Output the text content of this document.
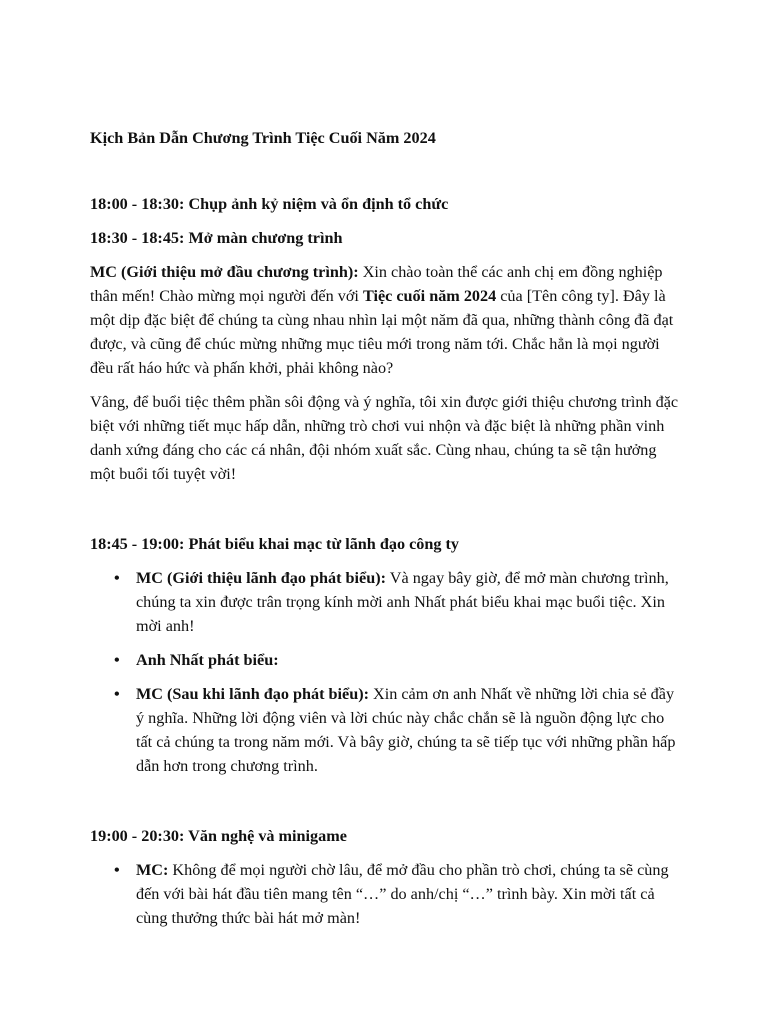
Kịch Bản Dẫn Chương Trình Tiệc Cuối Năm 2024

18:00 - 18:30: Chụp ảnh kỷ niệm và ổn định tổ chức

18:30 - 18:45: Mở màn chương trình

MC (Giới thiệu mở đầu chương trình): Xin chào toàn thể các anh chị em đồng nghiệp thân mến! Chào mừng mọi người đến với Tiệc cuối năm 2024 của [Tên công ty]. Đây là một dịp đặc biệt để chúng ta cùng nhau nhìn lại một năm đã qua, những thành công đã đạt được, và cũng để chúc mừng những mục tiêu mới trong năm tới. Chắc hẳn là mọi người đều rất háo hức và phấn khởi, phải không nào?

Vâng, để buổi tiệc thêm phần sôi động và ý nghĩa, tôi xin được giới thiệu chương trình đặc biệt với những tiết mục hấp dẫn, những trò chơi vui nhộn và đặc biệt là những phần vinh danh xứng đáng cho các cá nhân, đội nhóm xuất sắc. Cùng nhau, chúng ta sẽ tận hưởng một buổi tối tuyệt vời!

18:45 - 19:00: Phát biểu khai mạc từ lãnh đạo công ty

• MC (Giới thiệu lãnh đạo phát biểu): Và ngay bây giờ, để mở màn chương trình, chúng ta xin được trân trọng kính mời anh Nhất phát biểu khai mạc buổi tiệc. Xin mời anh!
• Anh Nhất phát biểu:
• MC (Sau khi lãnh đạo phát biểu): Xin cảm ơn anh Nhất về những lời chia sẻ đầy ý nghĩa. Những lời động viên và lời chúc này chắc chắn sẽ là nguồn động lực cho tất cả chúng ta trong năm mới. Và bây giờ, chúng ta sẽ tiếp tục với những phần hấp dẫn hơn trong chương trình.

19:00 - 20:30: Văn nghệ và minigame

• MC: Không để mọi người chờ lâu, để mở đầu cho phần trò chơi, chúng ta sẽ cùng đến với bài hát đầu tiên mang tên “…” do anh/chị “…” trình bày. Xin mời tất cả cùng thưởng thức bài hát mở màn!
